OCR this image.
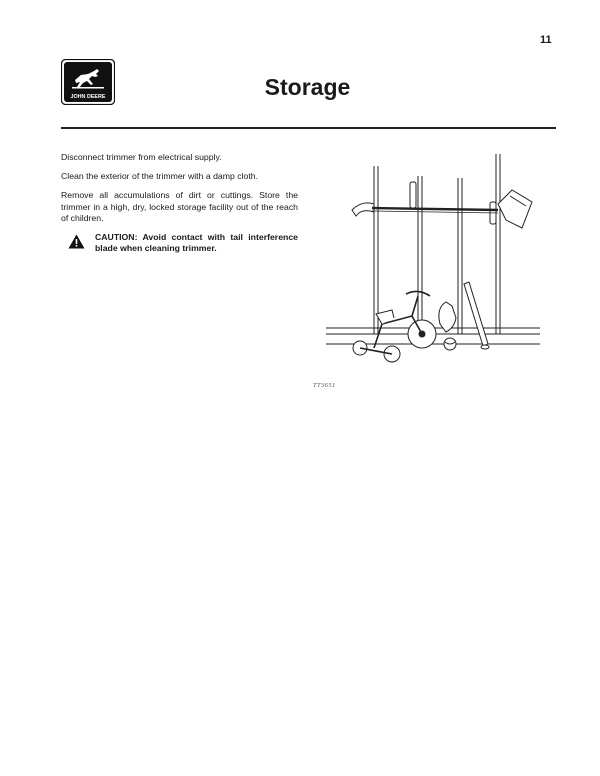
11
JOHN DEERE	Storage

Disconnect trimmer from electrical supply.

Clean the exterior of the trimmer with a damp cloth.

Remove all accumulations of dirt or cuttings. Store the trimmer in a high, dry, locked storage facility out of the reach of children.

CAUTION: Avoid contact with tail interference blade when cleaning trimmer.

TT3651
